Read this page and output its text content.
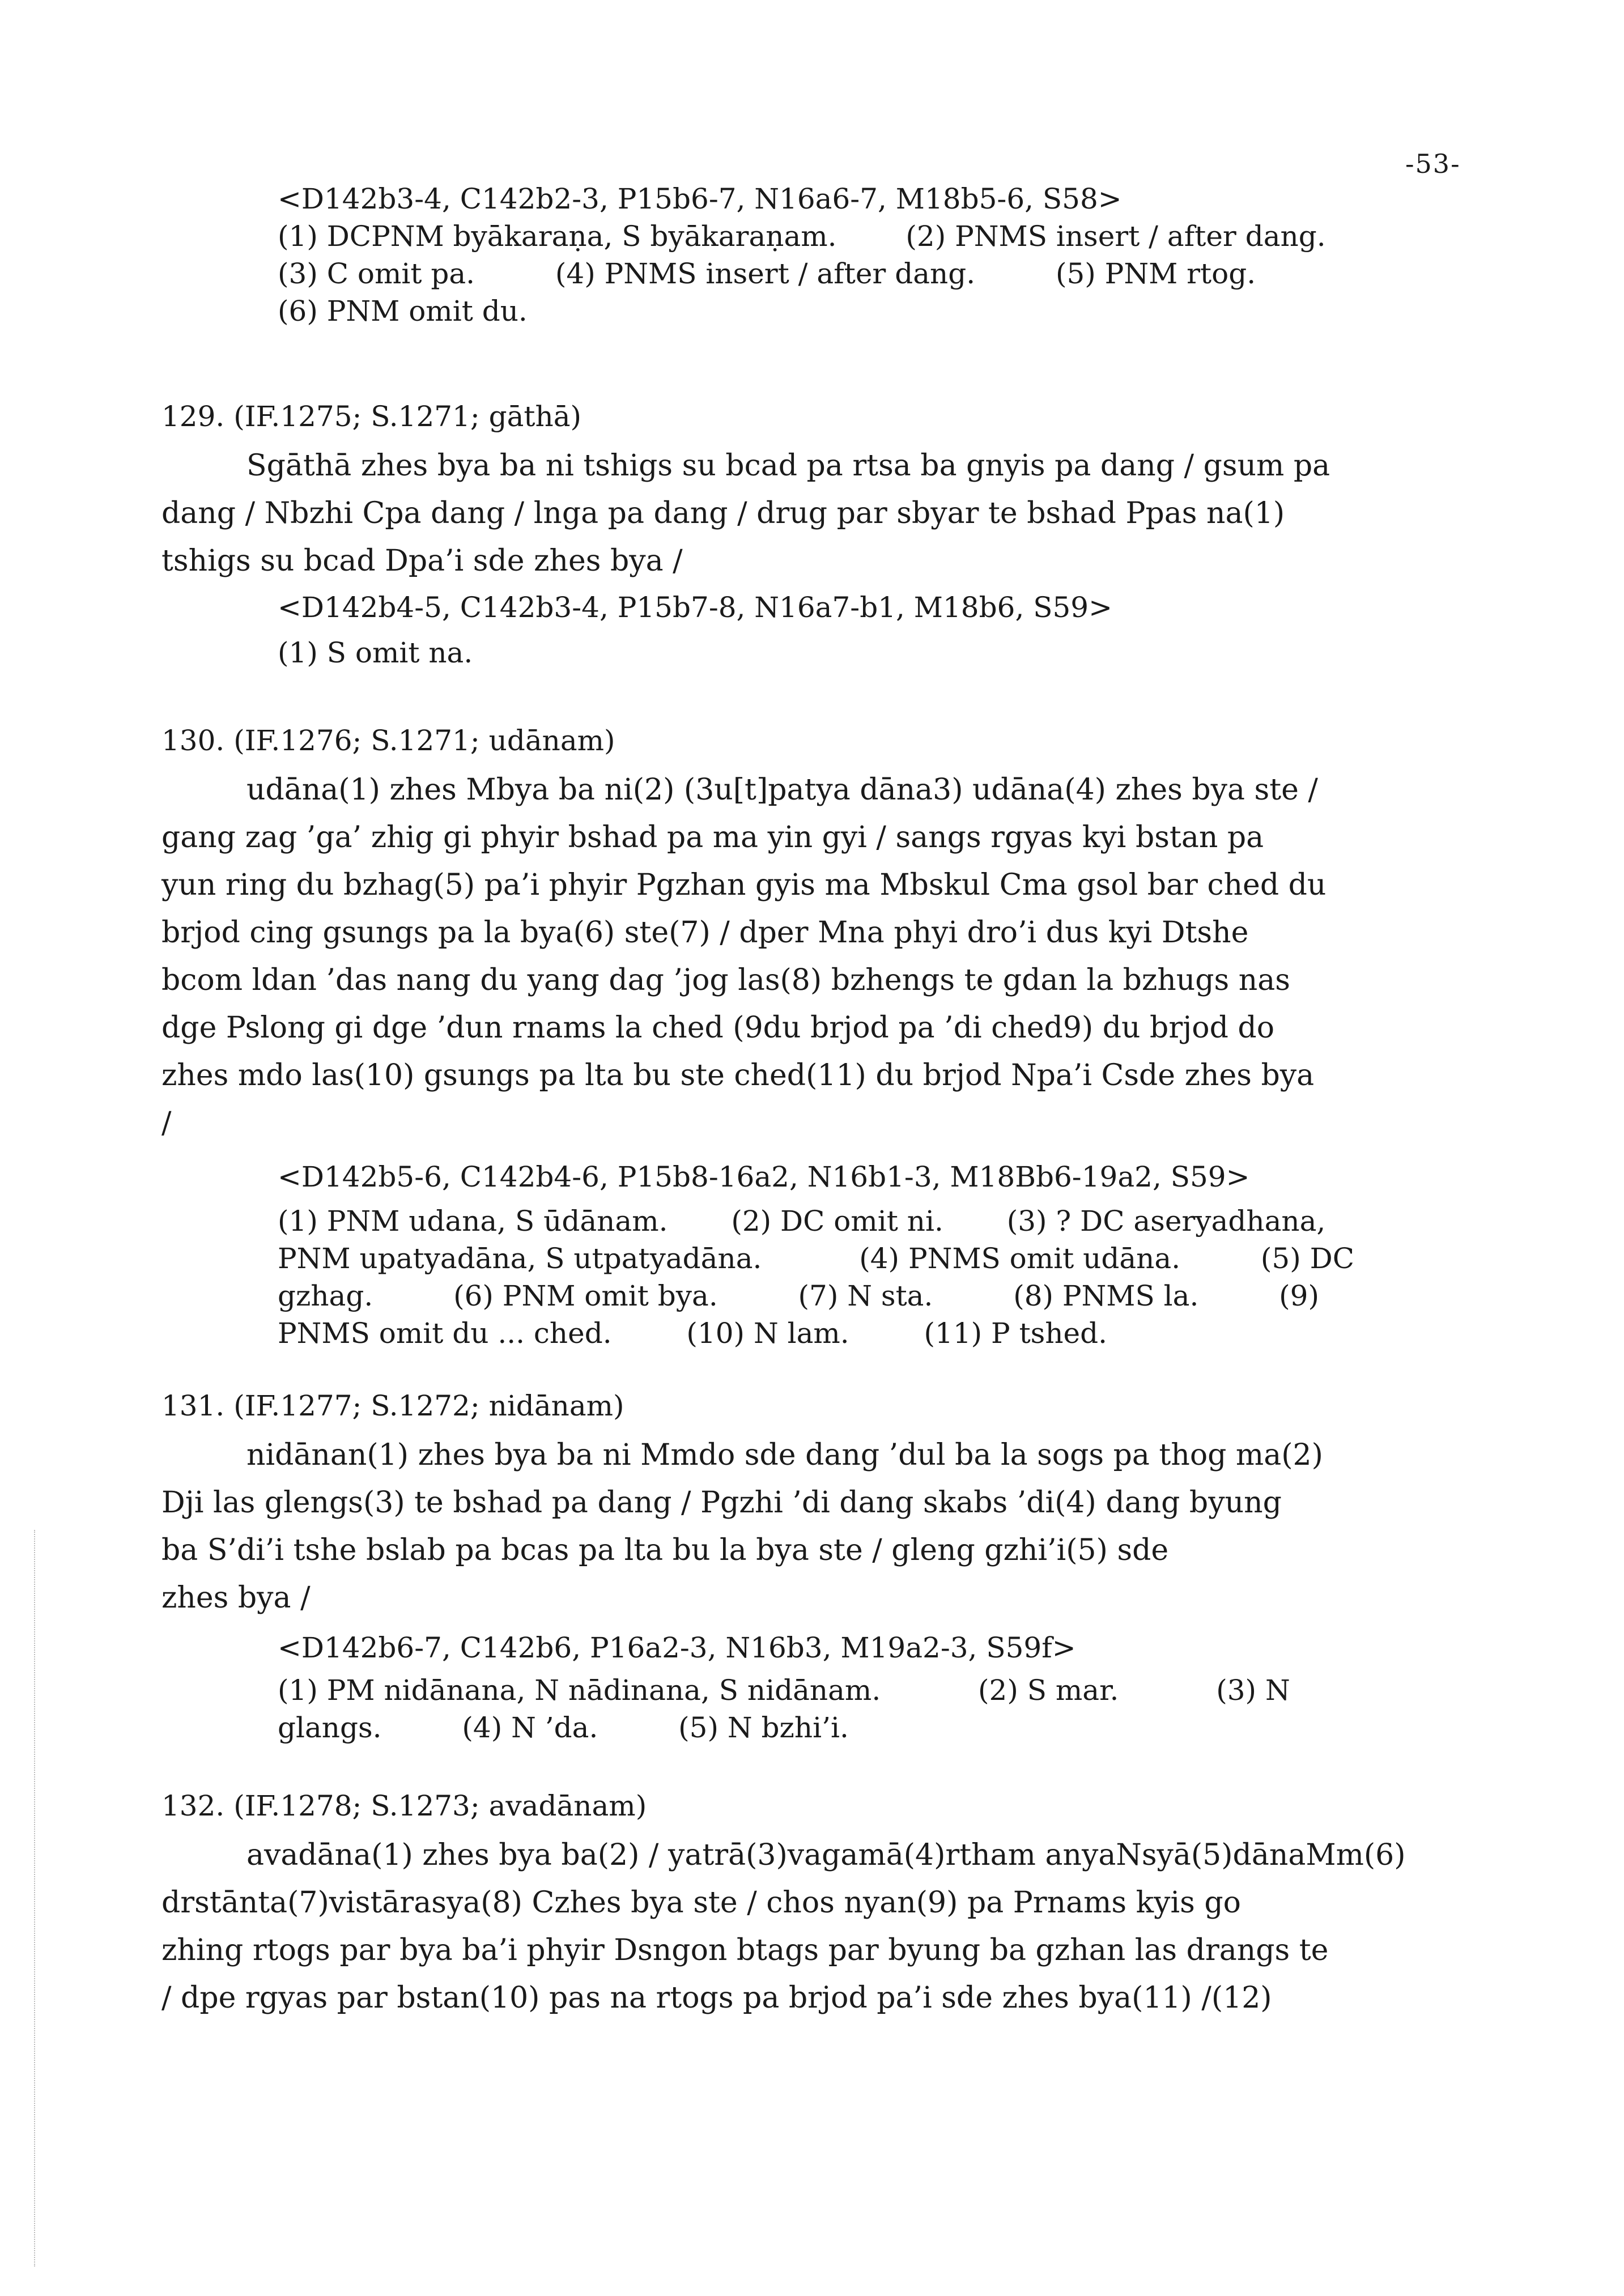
-53-
<D142b3-4, C142b2-3, P15b6-7, N16a6-7, M18b5-6, S58>
(1) DCPNM byākaraṇa, S byākaraṇam. (2) PNMS insert / after dang.
(3) C omit pa.	(4) PNMS insert / after dang.	(5) PNM rtog.
(6) PNM omit du.
129. (IF.1275; S.1271; gāthā)
Sgāthā zhes bya ba ni tshigs su bcad pa rtsa ba gnyis pa dang / gsum pa
dang / Nbzhi Cpa dang / lnga pa dang / drug par sbyar te bshad Ppas na(1)
tshigs su bcad Dpa’i sde zhes bya /
<D142b4-5, C142b3-4, P15b7-8, N16a7-b1, M18b6, S59>
(1) S omit na.
130. (IF.1276; S.1271; udānam)
udāna(1) zhes Mbya ba ni(2) (3u[t]patya dāna3) udāna(4) zhes bya ste /
gang zag ’ga’ zhig gi phyir bshad pa ma yin gyi / sangs rgyas kyi bstan pa
yun ring du bzhag(5) pa’i phyir Pgzhan gyis ma Mbskul Cma gsol bar ched du
brjod cing gsungs pa la bya(6) ste(7) / dper Mna phyi dro’i dus kyi Dtshe
bcom ldan ’das nang du yang dag ’jog las(8) bzhengs te gdan la bzhugs nas
dge Pslong gi dge ’dun rnams la ched (9du brjod pa ’di ched9) du brjod do
zhes mdo las(10) gsungs pa lta bu ste ched(11) du brjod Npa’i Csde zhes bya
/
<D142b5-6, C142b4-6, P15b8-16a2, N16b1-3, M18Bb6-19a2, S59>
(1) PNM udana, S ūdānam. (2) DC omit ni. (3) ? DC aseryadhana,
PNM upatyadāna, S utpatyadāna.	(4) PNMS omit udāna.	(5) DC
gzhag.	(6) PNM omit bya.	(7) N sta.	(8) PNMS la.	(9)
PNMS omit du ... ched.	(10) N lam.	(11) P tshed.
131. (IF.1277; S.1272; nidānam)
nidānan(1) zhes bya ba ni Mmdo sde dang ’dul ba la sogs pa thog ma(2)
Dji las glengs(3) te bshad pa dang / Pgzhi ’di dang skabs ’di(4) dang byung
ba S’di’i tshe bslab pa bcas pa lta bu la bya ste / gleng gzhi’i(5) sde
zhes bya /
<D142b6-7, C142b6, P16a2-3, N16b3, M19a2-3, S59f>
(1) PM nidānana, N nādinana, S nidānam.	(2) S mar.	(3) N
glangs.	(4) N ’da.	(5) N bzhi’i.
132. (IF.1278; S.1273; avadānam)
avadāna(1) zhes bya ba(2) / yatrā(3)vagamā(4)rtham anyaNsyā(5)dānaMm(6)
drstānta(7)vistārasya(8) Czhes bya ste / chos nyan(9) pa Prnams kyis go
zhing rtogs par bya ba’i phyir Dsngon btags par byung ba gzhan las drangs te
/ dpe rgyas par bstan(10) pas na rtogs pa brjod pa’i sde zhes bya(11) /(12)
